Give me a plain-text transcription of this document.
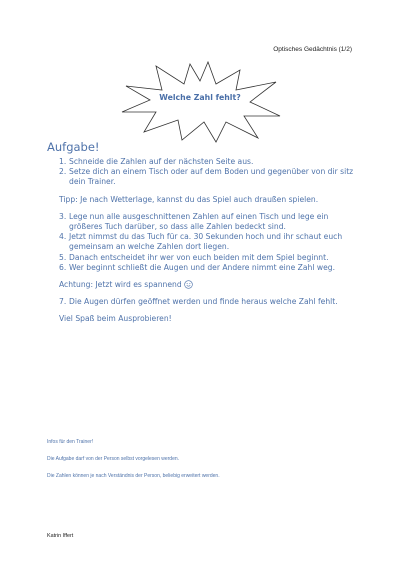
Optisches Gedächtnis (1/2)
Welche Zahl fehlt?
Aufgabe!
1. Schneide die Zahlen auf der nächsten Seite aus.
2. Setze dich an einem Tisch oder auf dem Boden und gegenüber von dir sitz dein Trainer.
Tipp: Je nach Wetterlage, kannst du das Spiel auch draußen spielen.
3. Lege nun alle ausgeschnittenen Zahlen auf einen Tisch und lege ein größeres Tuch darüber, so dass alle Zahlen bedeckt sind.
4. Jetzt nimmst du das Tuch für ca. 30 Sekunden hoch und ihr schaut euch gemeinsam an welche Zahlen dort liegen.
5. Danach entscheidet ihr wer von euch beiden mit dem Spiel beginnt.
6. Wer beginnt schließt die Augen und der Andere nimmt eine Zahl weg.
Achtung: Jetzt wird es spannend
7. Die Augen dürfen geöffnet werden und finde heraus welche Zahl fehlt.
Viel Spaß beim Ausprobieren!
Infos für den Trainer!
Die Aufgabe darf von der Person selbst vorgelesen werden.
Die Zahlen können je nach Verständnis der Person, beliebig erweitert werden.
Katrin Iffert
